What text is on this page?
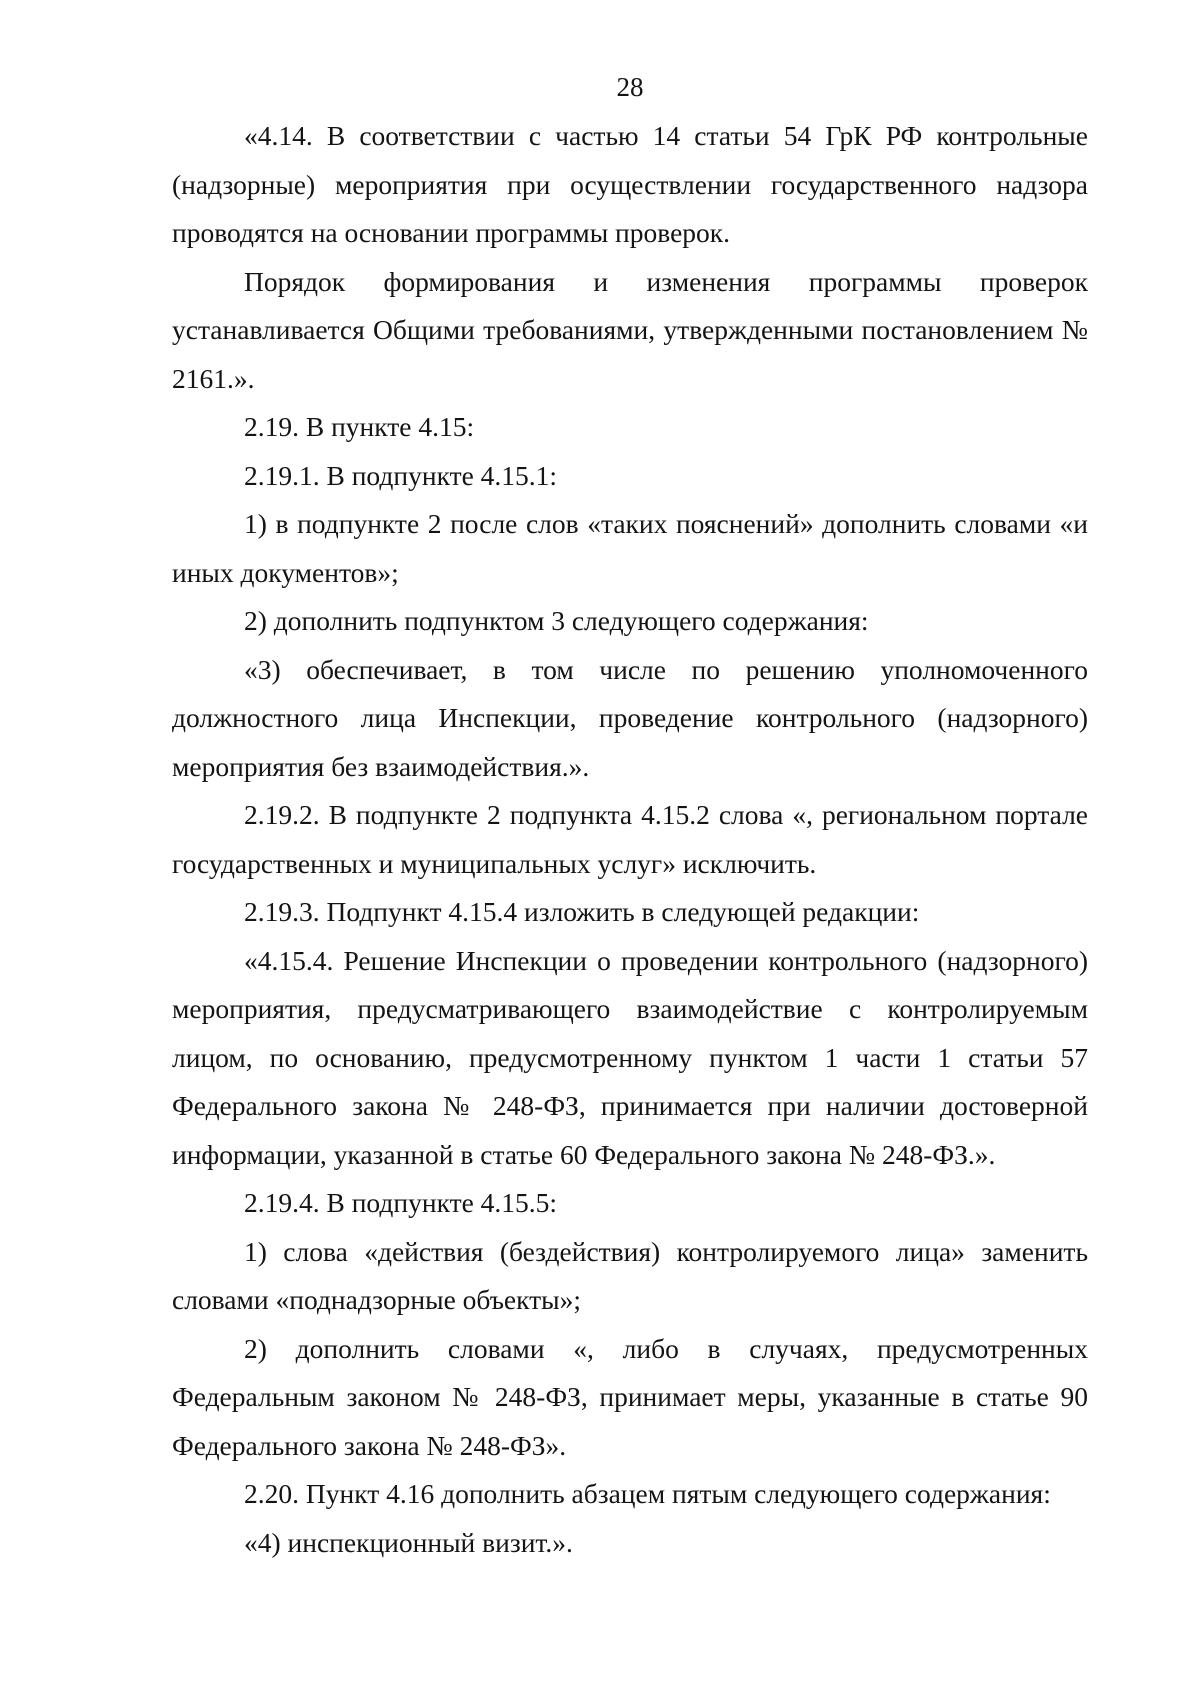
28

«4.14. В соответствии с частью 14 статьи 54 ГрК РФ контрольные (надзорные) мероприятия при осуществлении государственного надзора проводятся на основании программы проверок.

Порядок формирования и изменения программы проверок устанавливается Общими требованиями, утвержденными постановлением № 2161.».

2.19. В пункте 4.15:

2.19.1. В подпункте 4.15.1:

1) в подпункте 2 после слов «таких пояснений» дополнить словами «и иных документов»;

2) дополнить подпунктом 3 следующего содержания:

«3) обеспечивает, в том числе по решению уполномоченного должностного лица Инспекции, проведение контрольного (надзорного) мероприятия без взаимодействия.».

2.19.2. В подпункте 2 подпункта 4.15.2 слова «, региональном портале государственных и муниципальных услуг» исключить.

2.19.3. Подпункт 4.15.4 изложить в следующей редакции:

«4.15.4. Решение Инспекции о проведении контрольного (надзорного) мероприятия, предусматривающего взаимодействие с контролируемым лицом, по основанию, предусмотренному пунктом 1 части 1 статьи 57 Федерального закона № 248-ФЗ, принимается при наличии достоверной информации, указанной в статье 60 Федерального закона № 248-ФЗ.».

2.19.4. В подпункте 4.15.5:

1) слова «действия (бездействия) контролируемого лица» заменить словами «поднадзорные объекты»;

2) дополнить словами «, либо в случаях, предусмотренных Федеральным законом № 248-ФЗ, принимает меры, указанные в статье 90 Федерального закона № 248-ФЗ».

2.20. Пункт 4.16 дополнить абзацем пятым следующего содержания:

«4) инспекционный визит.».
